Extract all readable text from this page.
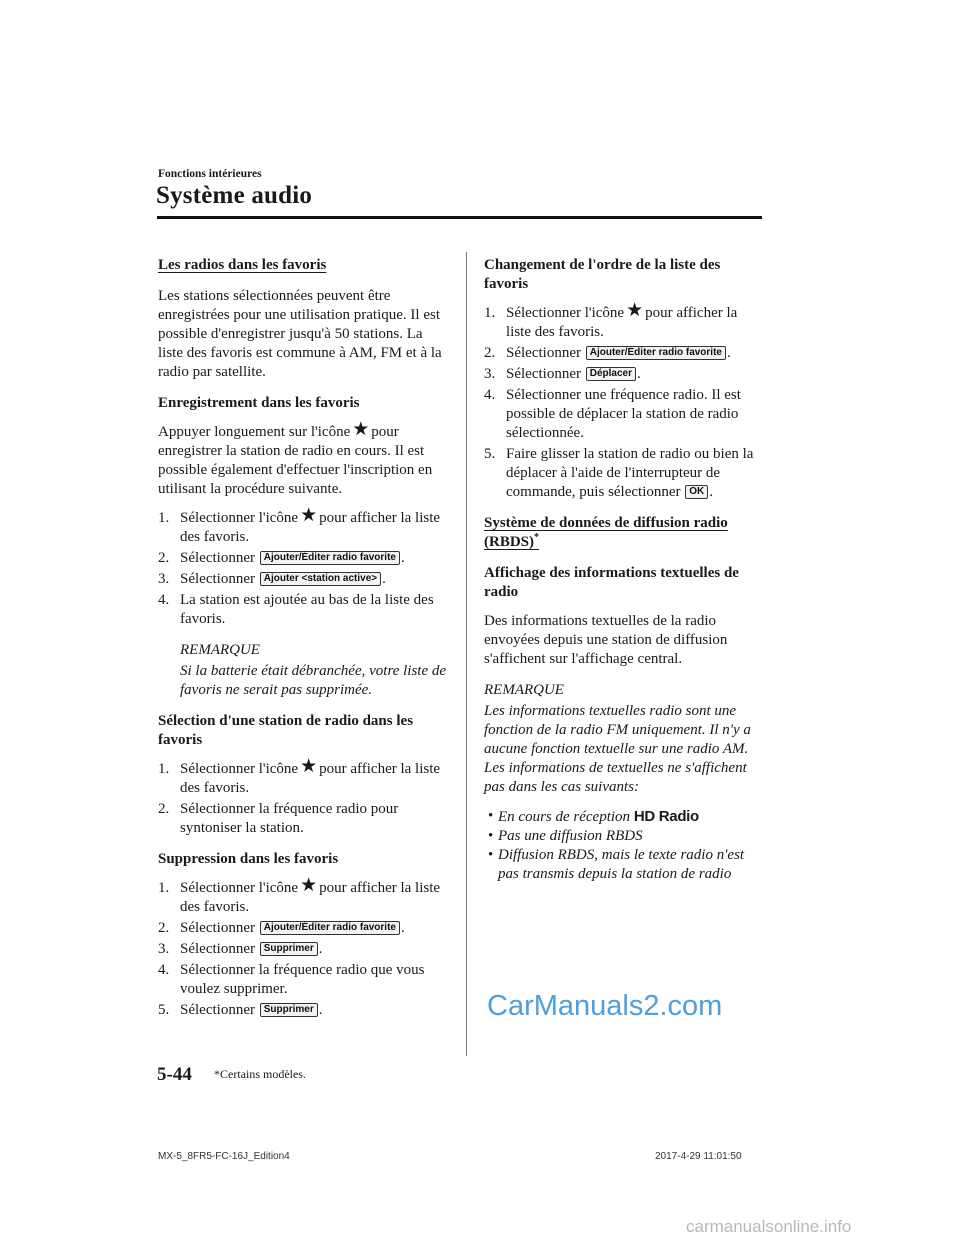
Fonctions intérieures
Système audio
Les radios dans les favoris

Les stations sélectionnées peuvent être enregistrées pour une utilisation pratique. Il est possible d'enregistrer jusqu'à 50 stations. La liste des favoris est commune à AM, FM et à la radio par satellite.

Enregistrement dans les favoris

Appuyer longuement sur l'icône ★ pour enregistrer la station de radio en cours. Il est possible également d'effectuer l'inscription en utilisant la procédure suivante.

1. Sélectionner l'icône ★ pour afficher la liste des favoris.
2. Sélectionner Ajouter/Éditer radio favorite .
3. Sélectionner Ajouter <station active> .
4. La station est ajoutée au bas de la liste des favoris.
REMARQUE
Si la batterie était débranchée, votre liste de favoris ne serait pas supprimée.
Sélection d'une station de radio dans les favoris
1. Sélectionner l'icône ★ pour afficher la liste des favoris.
2. Sélectionner la fréquence radio pour syntoniser la station.
Suppression dans les favoris
1. Sélectionner l'icône ★ pour afficher la liste des favoris.
2. Sélectionner Ajouter/Éditer radio favorite .
3. Sélectionner Supprimer .
4. Sélectionner la fréquence radio que vous voulez supprimer.
5. Sélectionner Supprimer .
Changement de l'ordre de la liste des favoris
1. Sélectionner l'icône ★ pour afficher la liste des favoris.
2. Sélectionner Ajouter/Éditer radio favorite .
3. Sélectionner Déplacer .
4. Sélectionner une fréquence radio. Il est possible de déplacer la station de radio sélectionnée.
5. Faire glisser la station de radio ou bien la déplacer à l'aide de l'interrupteur de commande, puis sélectionner OK .
Système de données de diffusion radio (RBDS)*
Affichage des informations textuelles de radio

Des informations textuelles de la radio envoyées depuis une station de diffusion s'affichent sur l'affichage central.

REMARQUE
Les informations textuelles radio sont une fonction de la radio FM uniquement. Il n'y a aucune fonction textuelle sur une radio AM. Les informations de textuelles ne s'affichent pas dans les cas suivants:
• En cours de réception HD Radio
• Pas une diffusion RBDS
• Diffusion RBDS, mais le texte radio n'est pas transmis depuis la station de radio
CarManuals2.com
5-44 *Certains modèles.
MX-5_8FR5-FC-16J_Edition4	2017-4-29 11:01:50
carmanualsonline.info
